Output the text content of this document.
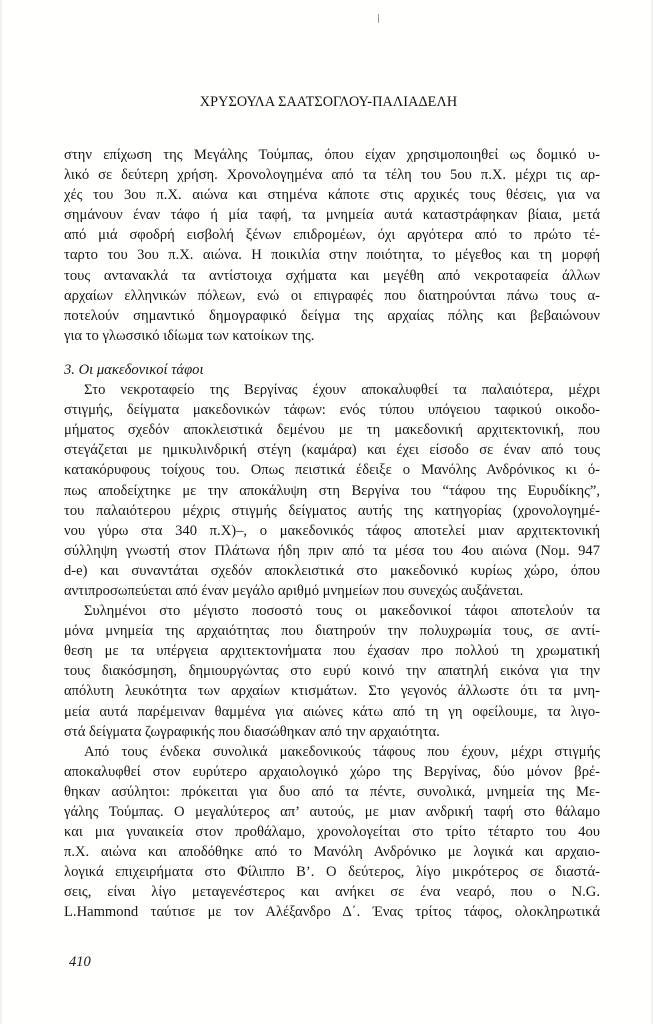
ΧΡΥΣΟΥΛΑ ΣΑΑΤΣΟΓΛΟΥ-ΠΑΛΙΑΔΕΛΗ
στην επίχωση της Μεγάλης Τούμπας, όπου είχαν χρησιμοποιηθεί ως δομικό υ-
λικό σε δεύτερη χρήση. Χρονολογημένα από τα τέλη του 5ου π.Χ. μέχρι τις αρ-
χές του 3ου π.Χ. αιώνα και στημένα κάποτε στις αρχικές τους θέσεις, για να
σημάνουν έναν τάφο ή μία ταφή, τα μνημεία αυτά καταστράφηκαν βίαια, μετά
από μιά σφοδρή εισβολή ξένων επιδρομέων, όχι αργότερα από το πρώτο τέ-
ταρτο του 3ου π.Χ. αιώνα. Η ποικιλία στην ποιότητα, το μέγεθος και τη μορφή
τους αντανακλά τα αντίστοιχα σχήματα και μεγέθη από νεκροταφεία άλλων
αρχαίων ελληνικών πόλεων, ενώ οι επιγραφές που διατηρούνται πάνω τους α-
ποτελούν σημαντικό δημογραφικό δείγμα της αρχαίας πόλης και βεβαιώνουν
για το γλωσσικό ιδίωμα των κατοίκων της.
3. Οι μακεδονικοί τάφοι
Στο νεκροταφείο της Βεργίνας έχουν αποκαλυφθεί τα παλαιότερα, μέχρι
στιγμής, δείγματα μακεδονικών τάφων: ενός τύπου υπόγειου ταφικού οικοδο-
μήματος σχεδόν αποκλειστικά δεμένου με τη μακεδονική αρχιτεκτονική, που
στεγάζεται με ημικυλινδρική στέγη (καμάρα) και έχει είσοδο σε έναν από τους
κατακόρυφους τοίχους του. Οπως πειστικά έδειξε ο Μανόλης Ανδρόνικος κι ό-
πως αποδείχτηκε με την αποκάλυψη στη Βεργίνα του “τάφου της Ευρυδίκης”,
του παλαιότερου μέχρις στιγμής δείγματος αυτής της κατηγορίας (χρονολογημέ-
νου γύρω στα 340 π.Χ)–, ο μακεδονικός τάφος αποτελεί μιαν αρχιτεκτονική
σύλληψη γνωστή στον Πλάτωνα ήδη πριν από τα μέσα του 4ου αιώνα (Νομ. 947
d-e) και συναντάται σχεδόν αποκλειστικά στο μακεδονικό κυρίως χώρο, όπου
αντιπροσωπεύεται από έναν μεγάλο αριθμό μνημείων που συνεχώς αυξάνεται.
Συλημένοι στο μέγιστο ποσοστό τους οι μακεδονικοί τάφοι αποτελούν τα
μόνα μνημεία της αρχαιότητας που διατηρούν την πολυχρωμία τους, σε αντί-
θεση με τα υπέργεια αρχιτεκτονήματα που έχασαν προ πολλού τη χρωματική
τους διακόσμηση, δημιουργώντας στο ευρύ κοινό την απατηλή εικόνα για την
απόλυτη λευκότητα των αρχαίων κτισμάτων. Στο γεγονός άλλωστε ότι τα μνη-
μεία αυτά παρέμειναν θαμμένα για αιώνες κάτω από τη γη οφείλουμε, τα λιγο-
στά δείγματα ζωγραφικής που διασώθηκαν από την αρχαιότητα.
Από τους ένδεκα συνολικά μακεδονικούς τάφους που έχουν, μέχρι στιγμής
αποκαλυφθεί στον ευρύτερο αρχαιολογικό χώρο της Βεργίνας, δύο μόνον βρέ-
θηκαν ασύλητοι: πρόκειται για δυο από τα πέντε, συνολικά, μνημεία της Με-
γάλης Τούμπας. Ο μεγαλύτερος απ’ αυτούς, με μιαν ανδρική ταφή στο θάλαμο
και μια γυναικεία στον προθάλαμο, χρονολογείται στο τρίτο τέταρτο του 4ου
π.Χ. αιώνα και αποδόθηκε από το Μανόλη Ανδρόνικο με λογικά και αρχαιο-
λογικά επιχειρήματα στο Φίλιππο Β’. Ο δεύτερος, λίγο μικρότερος σε διαστά-
σεις, είναι λίγο μεταγενέστερος και ανήκει σε ένα νεαρό, που ο N.G.
L.Hammond ταύτισε με τον Αλέξανδρο Δ΄. Ένας τρίτος τάφος, ολοκληρωτικά
410
